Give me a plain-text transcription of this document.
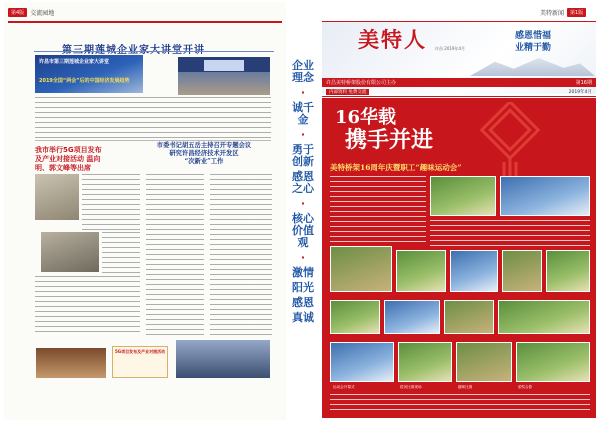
第4版	交流园地
许昌市第三期莲城企业家大讲堂
2019全国“两会”后的中国经济发展趋势
我市举行5G项目发布及产业对接活动 温向明、郭文峰等出席
市委书记胡五岳主持召开专题会议
研究许昌经济技术开发区
“次新业”工作
5G项目发布及产业对接活动
企业理念
·
诚千金
·
勇于创新
感恩之心
·
核心价值观
·
激情
阳光
感恩
真诚
美特新闻	第1版
美特人 许昌 2019年4月
感恩惜福
业精于勤
许昌美特桥架股份有限公司主办	第16期
内部资料 免费交流	2019年4月
16华载
携手并进
美特桥架16周年庆暨职工“趣味运动会”
运动会开幕式	拔河比赛现场	趣味比赛	颁奖合影
